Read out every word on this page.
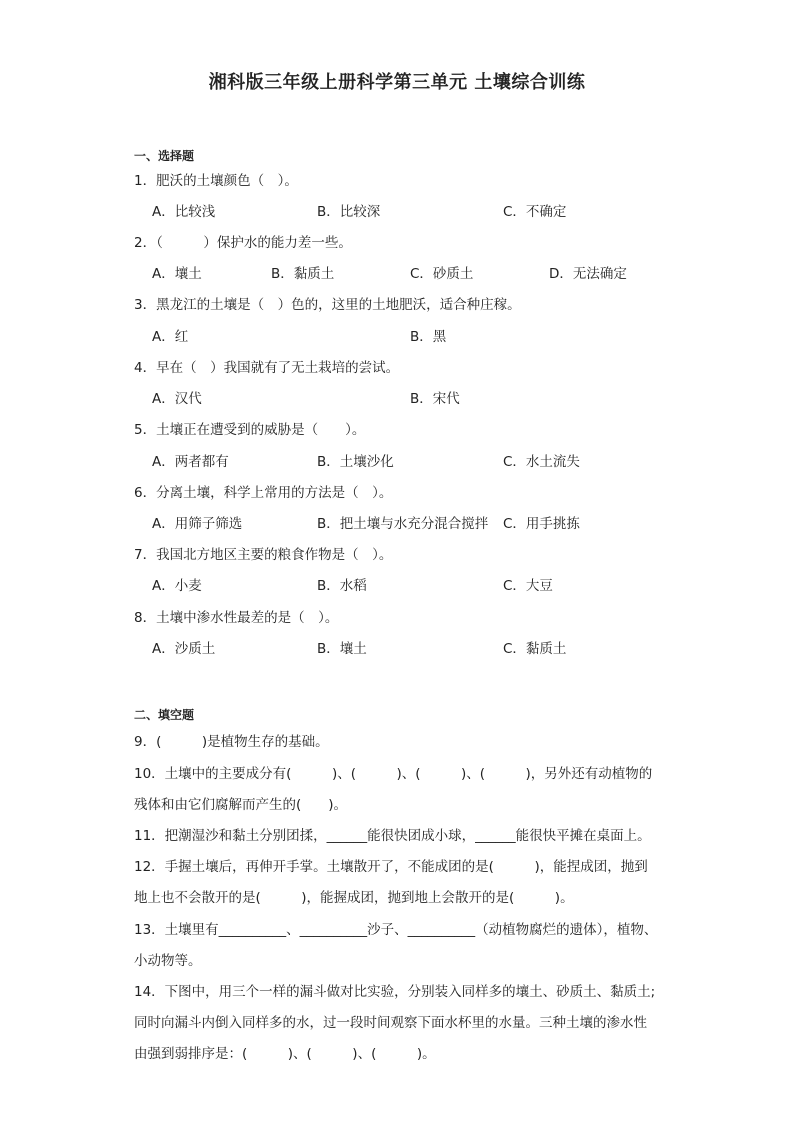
湘科版三年级上册科学第三单元 土壤综合训练
一、选择题
1．肥沃的土壤颜色（　）。
A．比较浅	B．比较深	C．不确定
2．（　　　）保护水的能力差一些。
A．壤土	B．黏质土	C．砂质土	D．无法确定
3．黑龙江的土壤是（　）色的，这里的土地肥沃，适合种庄稼。
A．红	B．黑
4．早在（　）我国就有了无土栽培的尝试。
A．汉代	B．宋代
5．土壤正在遭受到的威胁是（　　）。
A．两者都有	B．土壤沙化	C．水土流失
6．分离土壤，科学上常用的方法是（　）。
A．用筛子筛选	B．把土壤与水充分混合搅拌 C．用手挑拣
7．我国北方地区主要的粮食作物是（　）。
A．小麦	B．水稻	C．大豆
8．土壤中渗水性最差的是（　）。
A．沙质土	B．壤土	C．黏质土
二、填空题
9．(　　　)是植物生存的基础。
10．土壤中的主要成分有(　　　)、(　　　)、(　　　)、(　　　)，另外还有动植物的
残体和由它们腐解而产生的(　　)。
11．把潮湿沙和黏土分别团揉，______能很快团成小球，______能很快平摊在桌面上。
12．手握土壤后，再伸开手掌。土壤散开了，不能成团的是(　　　)，能捏成团，抛到
地上也不会散开的是(　　　)，能握成团，抛到地上会散开的是(　　　)。
13．土壤里有__________、__________沙子、__________（动植物腐烂的遗体），植物、
小动物等。
14．下图中，用三个一样的漏斗做对比实验，分别装入同样多的壤土、砂质土、黏质土;
同时向漏斗内倒入同样多的水，过一段时间观察下面水杯里的水量。三种土壤的渗水性
由强到弱排序是：(　　　)、(　　　)、(　　　)。
